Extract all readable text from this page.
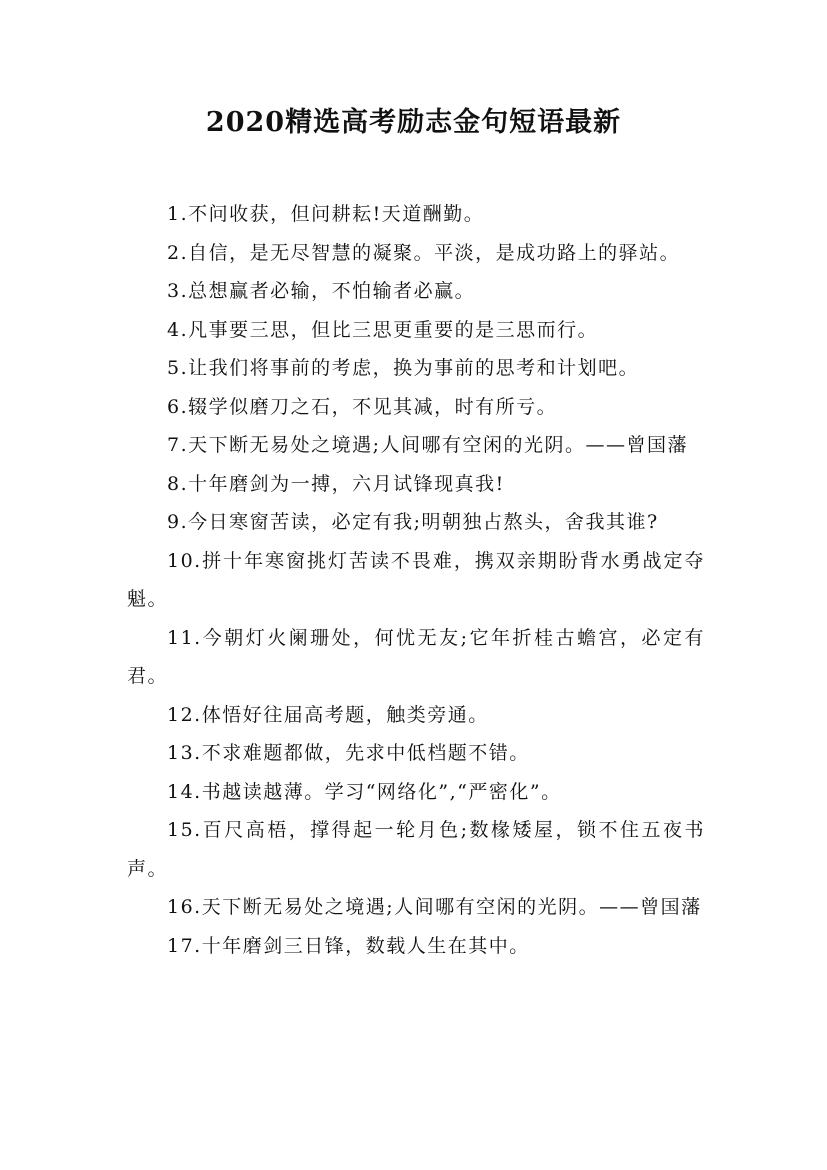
2020精选高考励志金句短语最新
1.不问收获，但问耕耘!天道酬勤。
2.自信，是无尽智慧的凝聚。平淡，是成功路上的驿站。
3.总想赢者必输，不怕输者必赢。
4.凡事要三思，但比三思更重要的是三思而行。
5.让我们将事前的考虑，换为事前的思考和计划吧。
6.辍学似磨刀之石，不见其减，时有所亏。
7.天下断无易处之境遇;人间哪有空闲的光阴。——曾国藩
8.十年磨剑为一搏，六月试锋现真我!
9.今日寒窗苦读，必定有我;明朝独占熬头，舍我其谁?
10.拼十年寒窗挑灯苦读不畏难，携双亲期盼背水勇战定夺魁。
11.今朝灯火阑珊处，何忧无友;它年折桂古蟾宫，必定有君。
12.体悟好往届高考题，触类旁通。
13.不求难题都做，先求中低档题不错。
14.书越读越薄。学习“网络化”,“严密化”。
15.百尺高梧，撑得起一轮月色;数椽矮屋，锁不住五夜书声。
16.天下断无易处之境遇;人间哪有空闲的光阴。——曾国藩
17.十年磨剑三日锋，数载人生在其中。
